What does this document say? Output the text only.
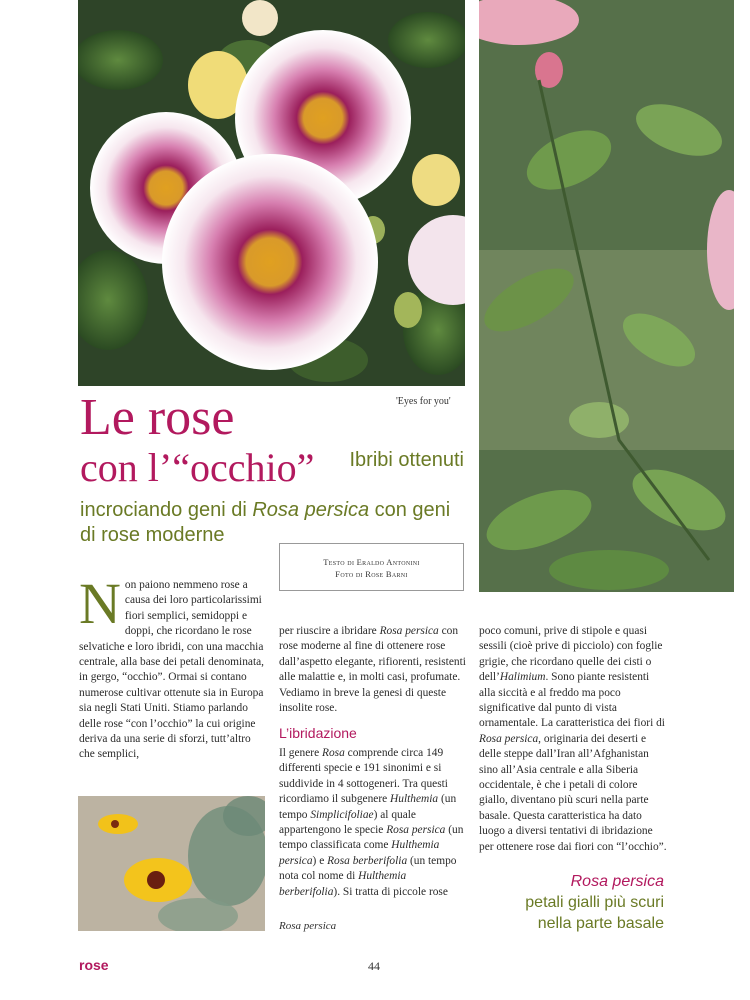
'Eyes for you'
Le rose
con l’“occhio” Ibribi ottenuti
incrociando geni di Rosa persica con geni di rose moderne
Testo di Eraldo Antonini
Foto di Rose Barni
Non paiono nemmeno rose a causa dei loro particolarissimi fiori semplici, semidoppi e doppi, che ricordano le rose selvatiche e loro ibridi, con una macchia centrale, alla base dei petali denominata, in gergo, “occhio”. Ormai si contano numerose cultivar ottenute sia in Europa sia negli Stati Uniti. Stiamo parlando delle rose “con l’occhio” la cui origine deriva da una serie di sforzi, tutt’altro che semplici,

per riuscire a ibridare Rosa persica con rose moderne al fine di ottenere rose dall’aspetto elegante, rifiorenti, resistenti alle malattie e, in molti casi, profumate. Vediamo in breve la genesi di queste insolite rose.

L’ibridazione

Il genere Rosa comprende circa 149 differenti specie e 191 sinonimi e si suddivide in 4 sottogeneri. Tra questi ricordiamo il subgenere Hulthemia (un tempo Simplicifoliae) al quale appartengono le specie Rosa persica (un tempo classificata come Hulthemia persica) e Rosa berberifolia (un tempo nota col nome di Hulthemia berberifolia). Si tratta di piccole rose

Rosa persica

poco comuni, prive di stipole e quasi sessili (cioè prive di picciolo) con foglie grigie, che ricordano quelle dei cisti o dell’Halimium. Sono piante resistenti alla siccità e al freddo ma poco significative dal punto di vista ornamentale. La caratteristica dei fiori di Rosa persica, originaria dei deserti e delle steppe dall’Iran all’Afghanistan sino all’Asia centrale e alla Siberia occidentale, è che i petali di colore giallo, diventano più scuri nella parte basale. Questa caratteristica ha dato luogo a diversi tentativi di ibridazione per ottenere rose dai fiori con “l’occhio”.

Rosa persica
petali gialli più scuri
nella parte basale
rose	44
